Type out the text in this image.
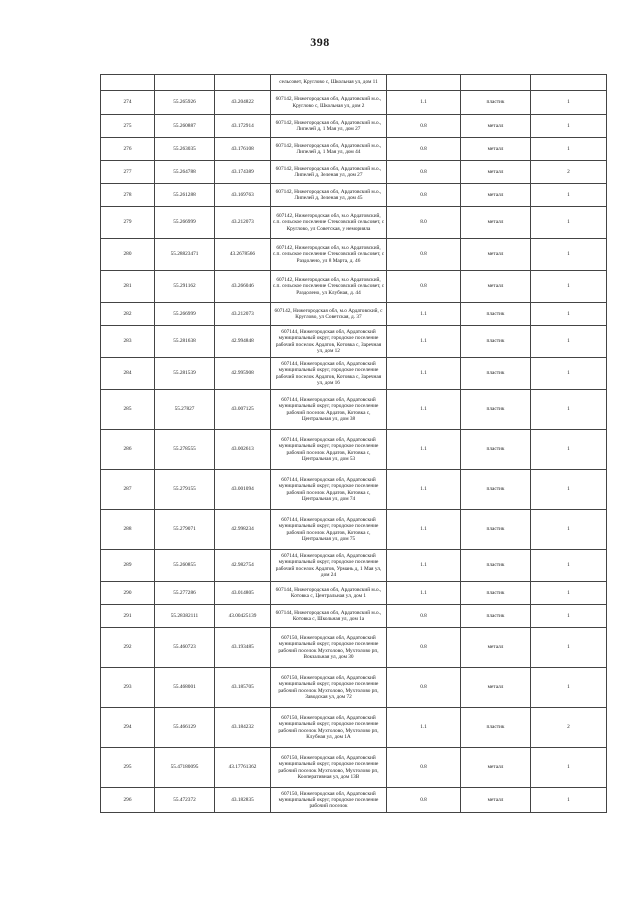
398
			сельсовет, Круглово с, Школьная ул, дом 11			
274	55.265926	43.204822	607142, Нижегородская обл, Ардатовский м.о., Круглово с, Школьная ул, дом 2	1.1	пластик	1
275	55.260887	43.172914	607142, Нижегородская обл, Ардатовский м.о., Липелей д, 1 Мая ул, дом 27	0.8	металл	1
276	55.263035	43.176108	607142, Нижегородская обл, Ардатовский м.о., Липелей д, 1 Мая ул, дом 44	0.8	металл	1
277	55.264788	43.174389	607142, Нижегородская обл, Ардатовский м.о., Липелей д, Зеленая ул, дом 27	0.8	металл	2
278	55.261288	43.169763	607142, Нижегородская обл, Ардатовский м.о., Липелей д, Зеленая ул, дом 45	0.8	металл	1
279	55.266999	43.212073	607142, Нижегородская обл, м.о Ардатовский, с.п. сельское поселение Стексовский сельсовет, с Круглово, ул Советская, у неморияла	8.0	металл	1
280	55.28823471	43.2678566	607142, Нижегородская обл, м.о Ардатовский, с.п. сельское поселение Стексовский сельсовет, с Раздолено, ул 8 Марта, д. 46	0.8	металл	1
281	55.291162	43.266046	607142, Нижегородская обл, м.о Ардатовский, с.п. сельское поселение Стексовский сельсовет, с Раздолено, ул Клубная, д. 44	0.8	металл	1
282	55.266999	43.212073	607142, Нижегородская обл, м.о Ардатовский, с Круглово, ул Советская, д. 37	1.1	пластик	1
283	55.281638	42.994848	607144, Нижегородская обл, Ардатовский муниципальный округ, городское поселение рабочий поселок Ардатов, Котовка с, Заречная ул, дом 12	1.1	пластик	1
284	55.281539	42.995908	607144, Нижегородская обл, Ардатовский муниципальный округ, городское поселение рабочий поселок Ардатов, Котовка с, Заречная ул, дом 16	1.1	пластик	1
285	55.27827	43.007125	607144, Нижегородская обл, Ардатовский муниципальный округ, городское поселение рабочий поселок Ардатов, Котовка с, Центральная ул, дом 38	1.1	пластик	1
286	55.278555	43.002613	607144, Нижегородская обл, Ардатовский муниципальный округ, городское поселение рабочий поселок Ардатов, Котовка с, Центральная ул, дом 53	1.1	пластик	1
287	55.279155	43.001094	607144, Нижегородская обл, Ардатовский муниципальный округ, городское поселение рабочий поселок Ардатов, Котовка с, Центральная ул, дом 74	1.1	пластик	1
288	55.279071	42.998234	607144, Нижегородская обл, Ардатовский муниципальный округ, городское поселение рабочий поселок Ардатов, Котовка с, Центральная ул, дом 75	1.1	пластик	1
289	55.260855	42.982754	607144, Нижегородская обл, Ардатовский муниципальный округ, городское поселение рабочий поселок Ардатов, Урмань д, 1 Мая ул, дом 24	1.1	пластик	1
290	55.277286	43.014805	607144, Нижегородская обл, Ардатовский м.о., Котовка с, Центральная ул, дом 1	1.1	пластик	1
291	55.28382111	43.00425139	607144, Нижегородская обл, Ардатовский м.о., Котовка с, Школьная ул, дом 1а	0.8	пластик	1
292	55.460723	43.193485	607150, Нижегородская обл, Ардатовский муниципальный округ, городское поселение рабочий поселок Мухтолово, Мухтолово рп, Вокзальная ул, дом 30	0.8	металл	1
293	55.468001	43.185705	607150, Нижегородская обл, Ардатовский муниципальный округ, городское поселение рабочий поселок Мухтолово, Мухтолово рп, Заводская ул, дом 72	0.8	металл	1
294	55.466129	43.184232	607150, Нижегородская обл, Ардатовский муниципальный округ, городское поселение рабочий поселок Мухтолово, Мухтолово рп, Клубная ул, дом 1А	1.1	пластик	2
295	55.47180095	43.17761362	607150, Нижегородская обл, Ардатовский муниципальный округ, городское поселение рабочий поселок Мухтолово, Мухтолово рп, Кооперативная ул, дом 13В	0.8	металл	1
296	55.472372	43.182835	607150, Нижегородская обл, Ардатовский муниципальный округ, городское поселение рабочий поселок	0.8	металл	1
